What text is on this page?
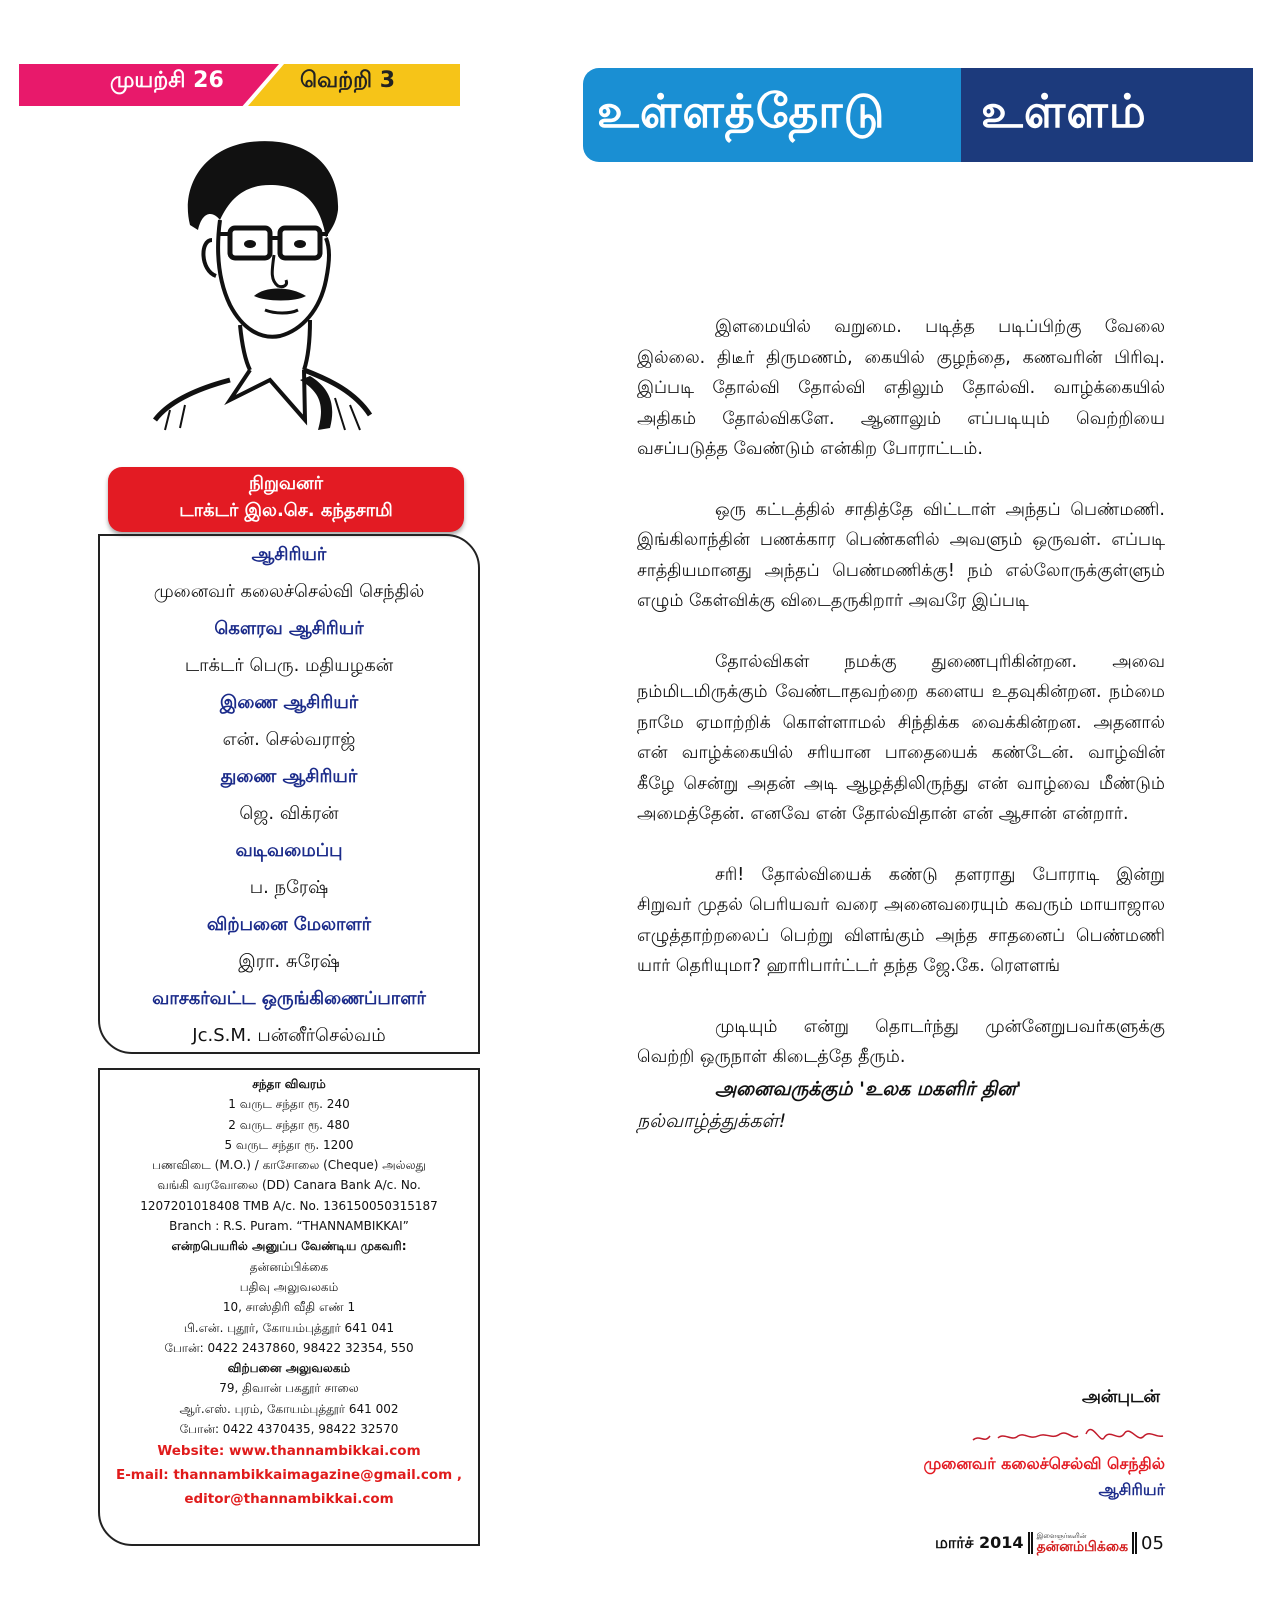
முயற்சி 26	வெற்றி 3
உள்ளத்தோடு உள்ளம்
நிறுவனர்
டாக்டர் இல.செ. கந்தசாமி
ஆசிரியர்
முனைவர் கலைச்செல்வி செந்தில்
கௌரவ ஆசிரியர்
டாக்டர் பெரு. மதியழகன்
இணை ஆசிரியர்
என். செல்வராஜ்
துணை ஆசிரியர்
ஜெ. விக்ரன்
வடிவமைப்பு
ப. நரேஷ்
விற்பனை மேலாளர்
இரா. சுரேஷ்
வாசகர்வட்ட ஒருங்கிணைப்பாளர்
Jc.S.M. பன்னீர்செல்வம்
சந்தா விவரம்
1 வருட சந்தா ரூ. 240
2 வருட சந்தா ரூ. 480
5 வருட சந்தா ரூ. 1200
பணவிடை (M.O.) / காசோலை (Cheque) அல்லது
வங்கி வரவோலை (DD) Canara Bank A/c. No.
1207201018408 TMB A/c. No. 136150050315187
Branch : R.S. Puram. “THANNAMBIKKAI”
என்றபெயரில் அனுப்ப வேண்டிய முகவரி:
தன்னம்பிக்கை
பதிவு அலுவலகம்
10, சாஸ்திரி வீதி எண் 1
பி.என். புதூர், கோயம்புத்தூர் 641 041
போன்: 0422 2437860, 98422 32354, 550
விற்பனை அலுவலகம்
79, திவான் பகதூர் சாலை
ஆர்.எஸ். புரம், கோயம்புத்தூர் 641 002
போன்: 0422 4370435, 98422 32570
Website: www.thannambikkai.com
E-mail: thannambikkaimagazine@gmail.com ,
editor@thannambikkai.com

இளமையில் வறுமை. படித்த படிப்பிற்கு வேலை இல்லை. திடீர் திருமணம், கையில் குழந்தை, கணவரின் பிரிவு. இப்படி தோல்வி தோல்வி எதிலும் தோல்வி. வாழ்க்கையில் அதிகம் தோல்விகளே. ஆனாலும் எப்படியும் வெற்றியை வசப்படுத்த வேண்டும் என்கிற போராட்டம்.

ஒரு கட்டத்தில் சாதித்தே விட்டாள் அந்தப் பெண்மணி. இங்கிலாந்தின் பணக்கார பெண்களில் அவளும் ஒருவள். எப்படி சாத்தியமானது அந்தப் பெண்மணிக்கு! நம் எல்லோருக்குள்ளும் எழும் கேள்விக்கு விடைதருகிறார் அவரே இப்படி

தோல்விகள் நமக்கு துணைபுரிகின்றன. அவை நம்மிடமிருக்கும் வேண்டாதவற்றை களைய உதவுகின்றன. நம்மை நாமே ஏமாற்றிக் கொள்ளாமல் சிந்திக்க வைக்கின்றன. அதனால் என் வாழ்க்கையில் சரியான பாதையைக் கண்டேன். வாழ்வின் கீழே சென்று அதன் அடி ஆழத்திலிருந்து என் வாழ்வை மீண்டும் அமைத்தேன். எனவே என் தோல்விதான் என் ஆசான் என்றார்.

சரி! தோல்வியைக் கண்டு தளராது போராடி இன்று சிறுவர் முதல் பெரியவர் வரை அனைவரையும் கவரும் மாயாஜால எழுத்தாற்றலைப் பெற்று விளங்கும் அந்த சாதனைப் பெண்மணி யார் தெரியுமா? ஹாரிபார்ட்டர் தந்த ஜே.கே. ரௌளங்

முடியும் என்று தொடர்ந்து முன்னேறுபவர்களுக்கு வெற்றி ஒருநாள் கிடைத்தே தீரும்.

அனைவருக்கும் 'உலக மகளிர் தின'
நல்வாழ்த்துக்கள்!
அன்புடன்
முனைவர் கலைச்செல்வி செந்தில்
ஆசிரியர்
மார்ச் 2014 இளைஞர்களின்
தன்னம்பிக்கை 05
